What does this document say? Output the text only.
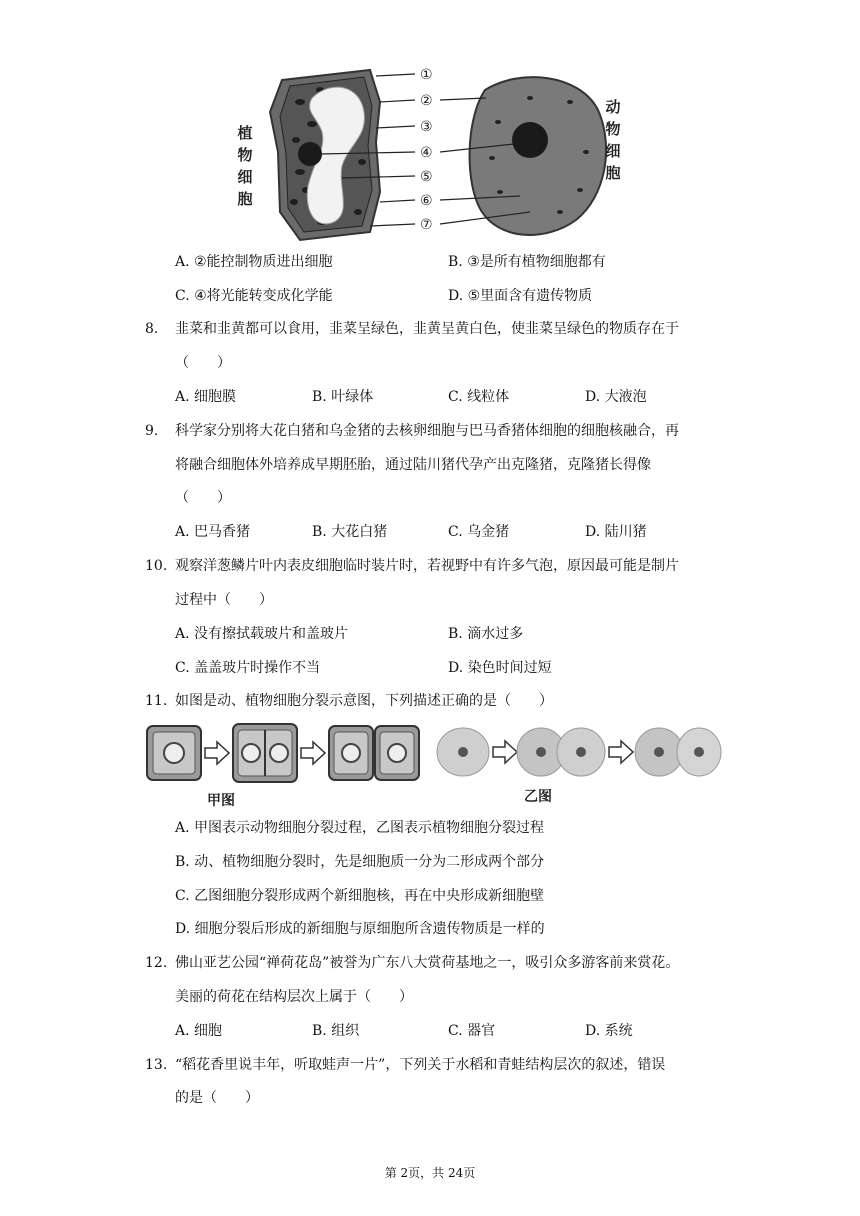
①
②
③
④
⑤
⑥
⑦
植
物
细
胞
动
物
细
胞
A. ②能控制物质进出细胞	B. ③是所有植物细胞都有
C. ④将光能转变成化学能	D. ⑤里面含有遗传物质
8. 韭菜和韭黄都可以食用，韭菜呈绿色，韭黄呈黄白色，使韭菜呈绿色的物质存在于
（　　）
A. 细胞膜	B. 叶绿体	C. 线粒体	D. 大液泡
9. 科学家分别将大花白猪和乌金猪的去核卵细胞与巴马香猪体细胞的细胞核融合，再
将融合细胞体外培养成早期胚胎，通过陆川猪代孕产出克隆猪，克隆猪长得像
（　　）
A. 巴马香猪	B. 大花白猪	C. 乌金猪	D. 陆川猪
10. 观察洋葱鳞片叶内表皮细胞临时装片时，若视野中有许多气泡，原因最可能是制片
过程中（　　）
A. 没有擦拭载玻片和盖玻片	B. 滴水过多
C. 盖盖玻片时操作不当	D. 染色时间过短
11. 如图是动、植物细胞分裂示意图，下列描述正确的是（　　）
甲图	乙图
A. 甲图表示动物细胞分裂过程，乙图表示植物细胞分裂过程
B. 动、植物细胞分裂时，先是细胞质一分为二形成两个部分
C. 乙图细胞分裂形成两个新细胞核，再在中央形成新细胞壁
D. 细胞分裂后形成的新细胞与原细胞所含遗传物质是一样的
12. 佛山亚艺公园“禅荷花岛”被誉为广东八大赏荷基地之一，吸引众多游客前来赏花。
美丽的荷花在结构层次上属于（　　）
A. 细胞	B. 组织	C. 器官	D. 系统
13. “稻花香里说丰年，听取蛙声一片”，下列关于水稻和青蛙结构层次的叙述，错误
的是（　　）
第 2页，共 24页
